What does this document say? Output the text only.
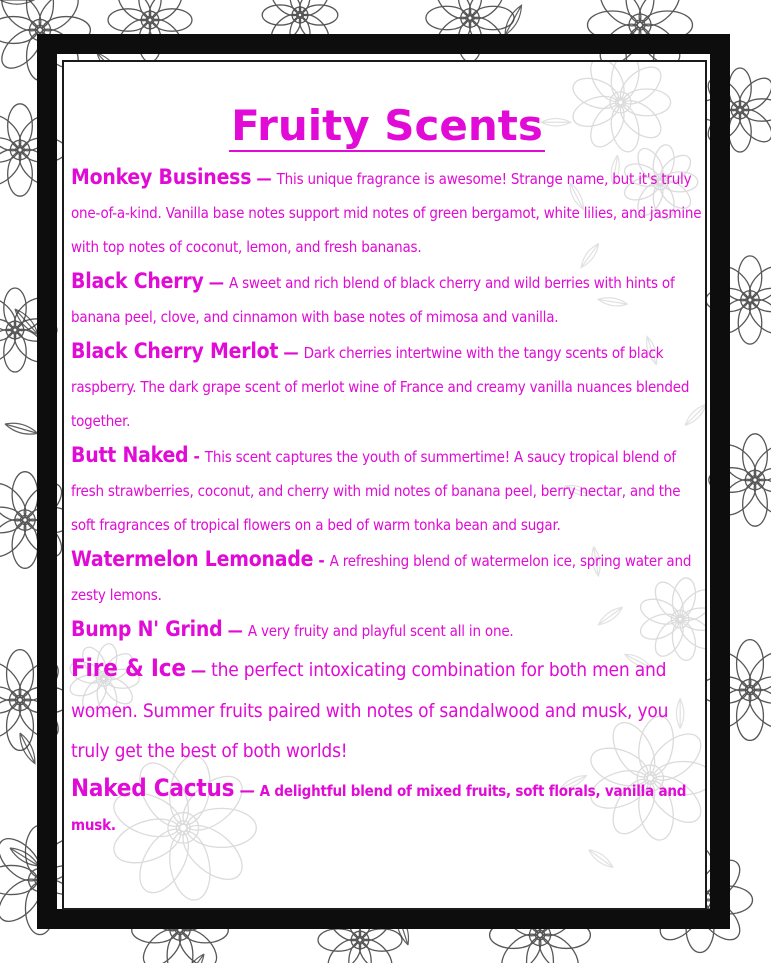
Fruity Scents

Monkey Business — This unique fragrance is awesome! Strange name, but it's truly one-of-a-kind. Vanilla base notes support mid notes of green bergamot, white lilies, and jasmine with top notes of coconut, lemon, and fresh bananas.

Black Cherry — A sweet and rich blend of black cherry and wild berries with hints of banana peel, clove, and cinnamon with base notes of mimosa and vanilla.

Black Cherry Merlot — Dark cherries intertwine with the tangy scents of black raspberry. The dark grape scent of merlot wine of France and creamy vanilla nuances blended together.

Butt Naked - This scent captures the youth of summertime! A saucy tropical blend of fresh strawberries, coconut, and cherry with mid notes of banana peel, berry nectar, and the soft fragrances of tropical flowers on a bed of warm tonka bean and sugar.

Watermelon Lemonade - A refreshing blend of watermelon ice, spring water and zesty lemons.

Bump N' Grind — A very fruity and playful scent all in one.

Fire & Ice — the perfect intoxicating combination for both men and women. Summer fruits paired with notes of sandalwood and musk, you truly get the best of both worlds!

Naked Cactus — A delightful blend of mixed fruits, soft florals, vanilla and musk.
